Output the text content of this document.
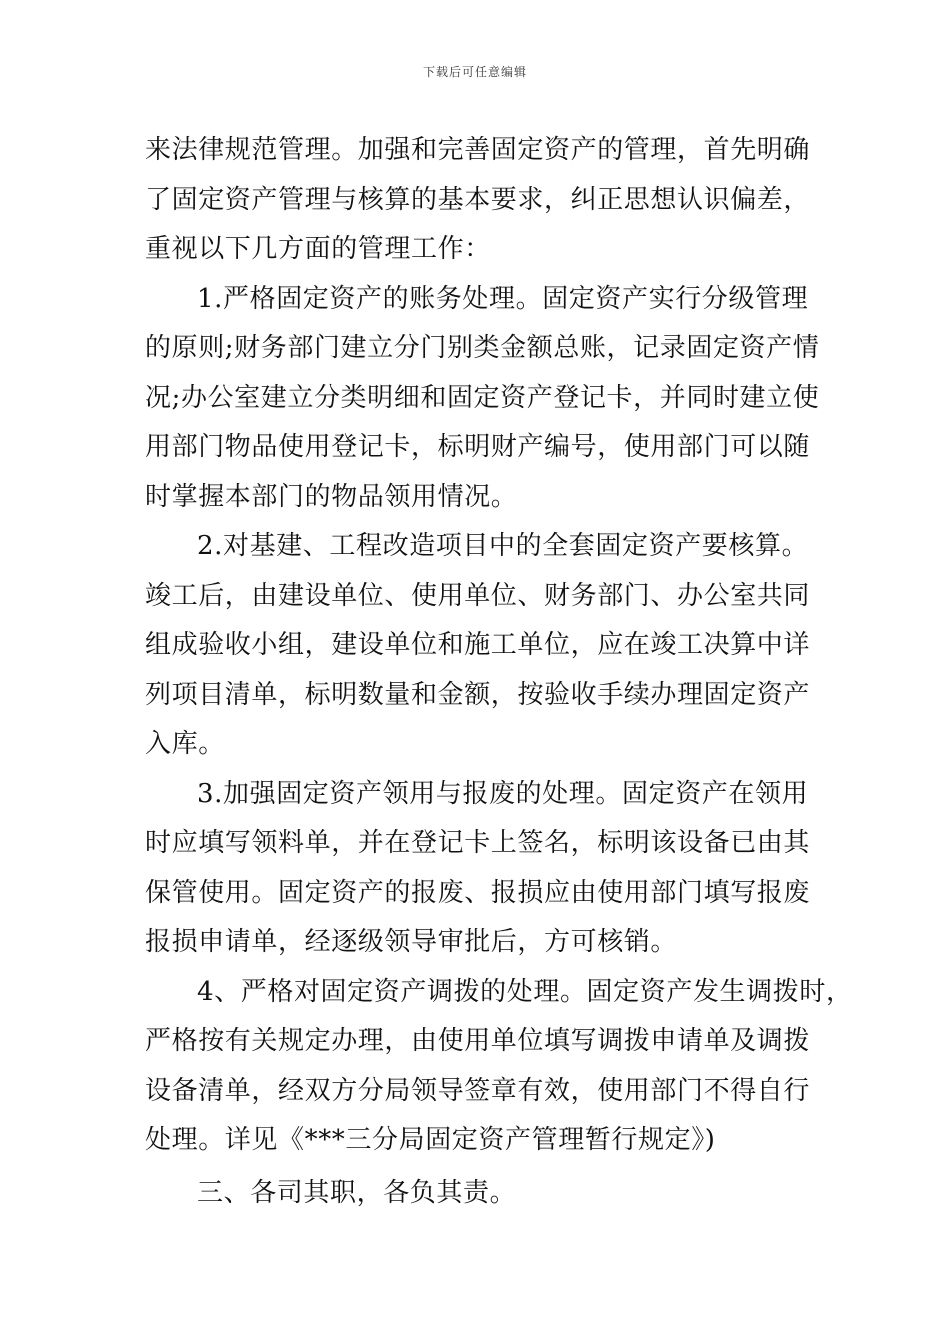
下载后可任意编辑
来法律规范管理。加强和完善固定资产的管理，首先明确
了固定资产管理与核算的基本要求，纠正思想认识偏差，
重视以下几方面的管理工作：
1.严格固定资产的账务处理。固定资产实行分级管理
的原则;财务部门建立分门别类金额总账，记录固定资产情
况;办公室建立分类明细和固定资产登记卡，并同时建立使
用部门物品使用登记卡，标明财产编号，使用部门可以随
时掌握本部门的物品领用情况。
2.对基建、工程改造项目中的全套固定资产要核算。
竣工后，由建设单位、使用单位、财务部门、办公室共同
组成验收小组，建设单位和施工单位，应在竣工决算中详
列项目清单，标明数量和金额，按验收手续办理固定资产
入库。
3.加强固定资产领用与报废的处理。固定资产在领用
时应填写领料单，并在登记卡上签名，标明该设备已由其
保管使用。固定资产的报废、报损应由使用部门填写报废
报损申请单，经逐级领导审批后，方可核销。
4、严格对固定资产调拨的处理。固定资产发生调拨时，
严格按有关规定办理，由使用单位填写调拨申请单及调拨
设备清单，经双方分局领导签章有效，使用部门不得自行
处理。详见《***三分局固定资产管理暂行规定》)
三、各司其职，各负其责。
